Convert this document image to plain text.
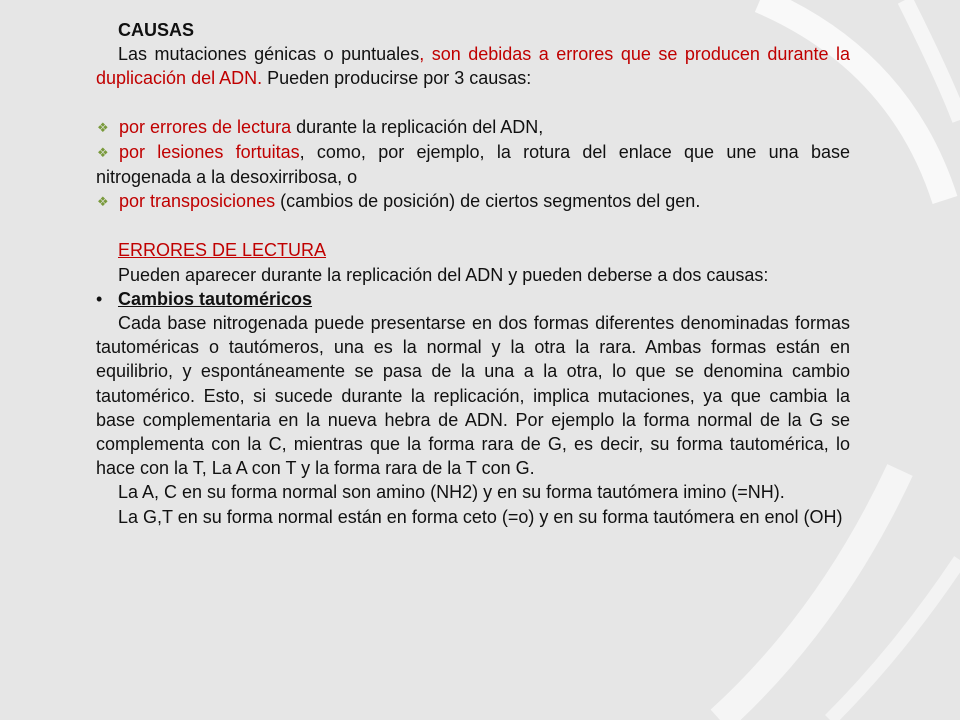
CAUSAS

Las mutaciones génicas o puntuales, son debidas a errores que se producen durante la duplicación del ADN. Pueden producirse por 3 causas:

❖ por errores de lectura durante la replicación del ADN,
❖ por lesiones fortuitas, como, por ejemplo, la rotura del enlace que une una base nitrogenada a la desoxirribosa, o
❖ por transposiciones (cambios de posición) de ciertos segmentos del gen.

ERRORES DE LECTURA

Pueden aparecer durante la replicación del ADN y pueden deberse a dos causas:

• Cambios tautoméricos

Cada base nitrogenada puede presentarse en dos formas diferentes denominadas formas tautoméricas o tautómeros, una es la normal y la otra la rara. Ambas formas están en equilibrio, y espontáneamente se pasa de la una a la otra, lo que se denomina cambio tautomérico. Esto, si sucede durante la replicación, implica mutaciones, ya que cambia la base complementaria en la nueva hebra de ADN. Por ejemplo la forma normal de la G se complementa con la C, mientras que la forma rara de G, es decir, su forma tautomérica, lo hace con la T, La A con T y la forma rara de la T con G.

La A, C en su forma normal son amino (NH2) y en su forma tautómera imino (=NH).

La G,T en su forma normal están en forma ceto (=o) y en su forma tautómera en enol (OH)
